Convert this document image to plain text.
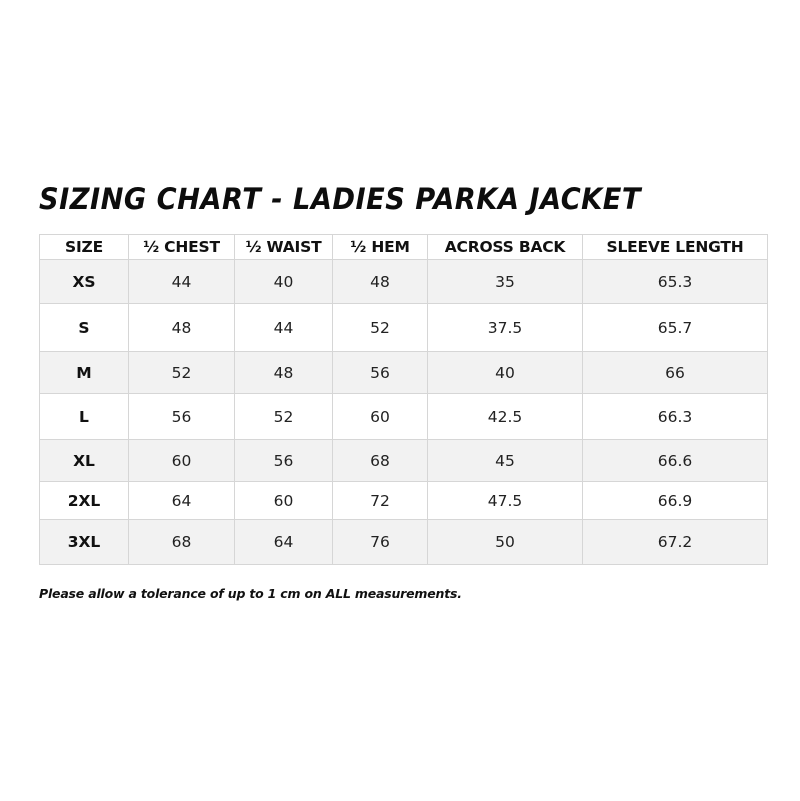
SIZING CHART - LADIES PARKA JACKET
SIZE	½ CHEST	½ WAIST	½ HEM	ACROSS BACK	SLEEVE LENGTH
XS	44	40	48	35	65.3
S	48	44	52	37.5	65.7
M	52	48	56	40	66
L	56	52	60	42.5	66.3
XL	60	56	68	45	66.6
2XL	64	60	72	47.5	66.9
3XL	68	64	76	50	67.2

Please allow a tolerance of up to 1 cm on ALL measurements.
